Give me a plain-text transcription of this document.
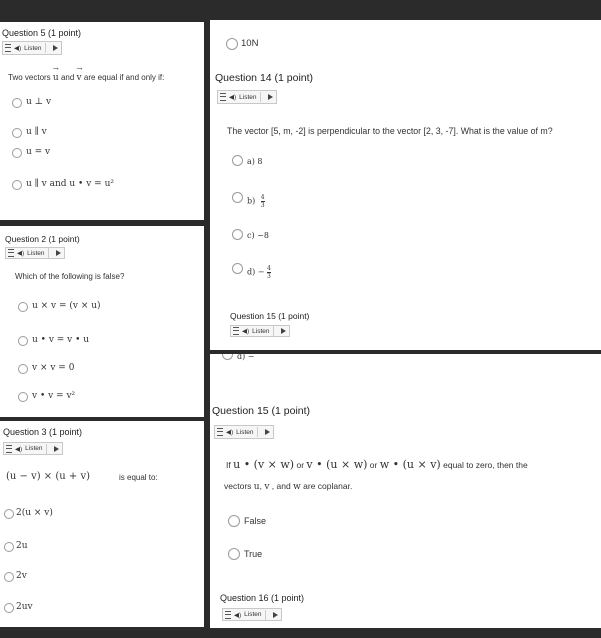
Question 5 (1 point)
◀) Listen
Two vectors → u and → v are equal if and only if:
u ⊥ v
u ∥ v
u = v
u ∥ v and u • v = u²
Question 2 (1 point)
◀) Listen
Which of the following is false?
u × v = (v × u)
u • v = v • u
v × v = 0
v • v = v²
Question 3 (1 point)
◀) Listen
(u − v) × (u + v)	is equal to:
2(u × v)
2u
2v
2uv
10N
Question 14 (1 point)
◀) Listen
The vector [5, m, -2] is perpendicular to the vector [2, 3, -7]. What is the value of m?
a) 8
$b) \frac{4}{3}$
c) −8
$d) - \frac{4}{3}$
Question 15 (1 point)
◀) Listen
d) −
Question 15 (1 point)
◀) Listen
If u • (v × w) or v • (u × w) or w • (u × v) equal to zero, then the
vectors u, v , and w are coplanar.
False
True
Question 16 (1 point)
◀) Listen
